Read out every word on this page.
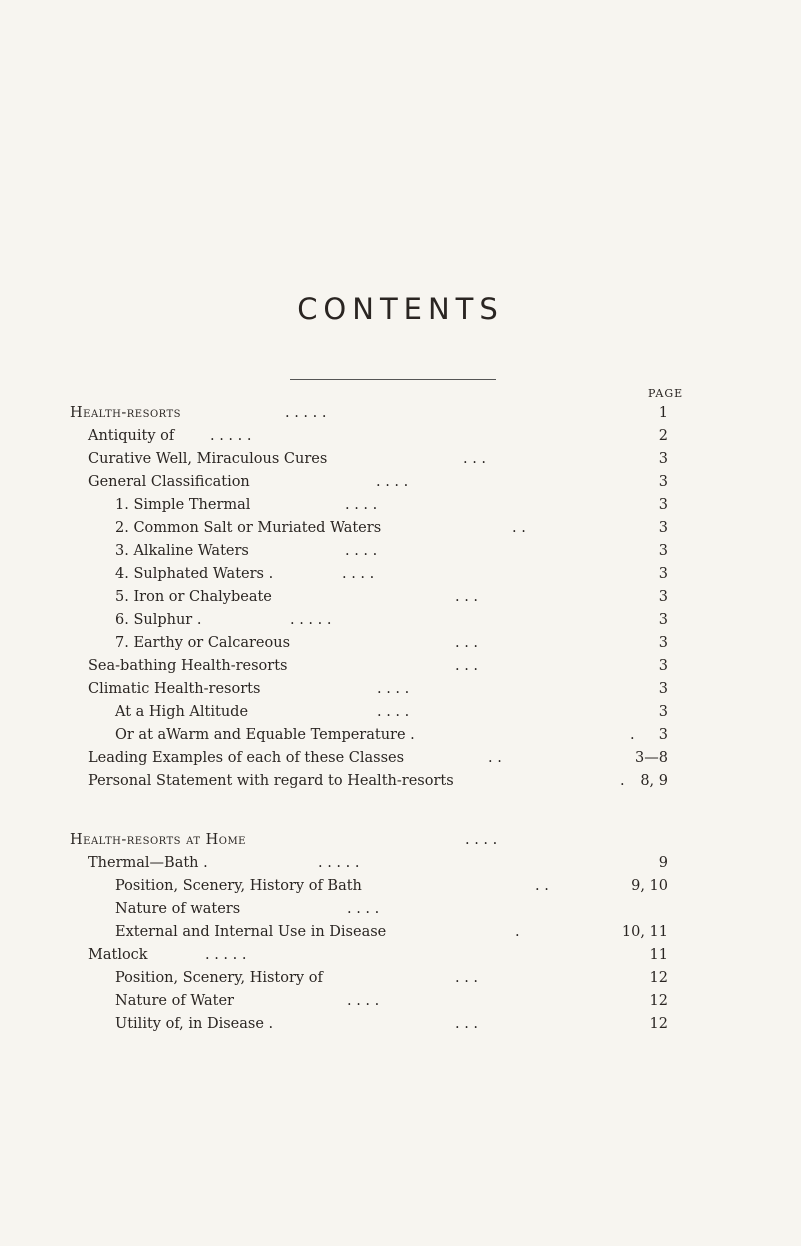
CONTENTS
PAGE
Health-resorts	. . . . .	1
Antiquity of . . . . .	2
Curative Well, Miraculous Cures	. . .	3
General Classification	. . . .	3
1. Simple Thermal	. . . .	3
2. Common Salt or Muriated Waters	. .	3
3. Alkaline Waters	. . . .	3
4. Sulphated Waters .	. . . .	3
5. Iron or Chalybeate	. . .	3
6. Sulphur .	. . . . .	3
7. Earthy or Calcareous	. . .	3
Sea-bathing Health-resorts	. . .	3
Climatic Health-resorts	. . . .	3
At a High Altitude	. . . .	3
Or at aWarm and Equable Temperature .	. 3
Leading Examples of each of these Classes	. .	3—8
Personal Statement with regard to Health-resorts	. 8, 9
Health-resorts at Home	. . . .
Thermal—Bath .	. . . . .	9
Position, Scenery, History of Bath	. .	9, 10
Nature of waters	. . . .
External and Internal Use in Disease	.	10, 11
Matlock	. . . . .	11
Position, Scenery, History of	. . .	12
Nature of Water	. . . .	12
Utility of, in Disease .	. . .	12
